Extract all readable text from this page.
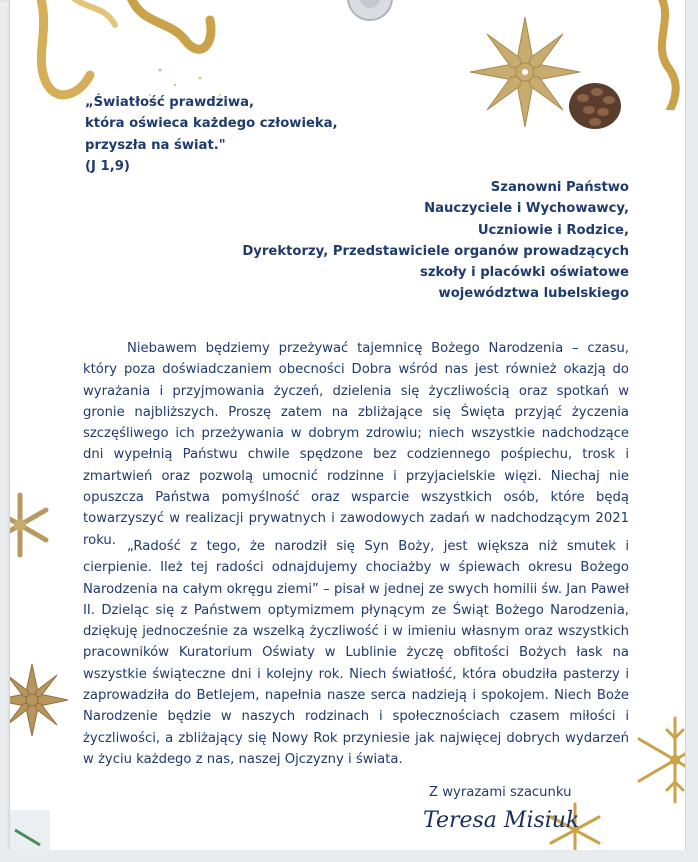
„Światłość prawdziwa,
która oświeca każdego człowieka,
przyszła na świat."
(J 1,9)
Szanowni Państwo
Nauczyciele i Wychowawcy,
Uczniowie i Rodzice,
Dyrektorzy, Przedstawiciele organów prowadzących
szkoły i placówki oświatowe
województwa lubelskiego

Niebawem będziemy przeżywać tajemnicę Bożego Narodzenia – czasu, który poza doświadczaniem obecności Dobra wśród nas jest również okazją do wyrażania i przyjmowania życzeń, dzielenia się życzliwością oraz spotkań w gronie najbliższych. Proszę zatem na zbliżające się Święta przyjąć życzenia szczęśliwego ich przeżywania w dobrym zdrowiu; niech wszystkie nadchodzące dni wypełnią Państwu chwile spędzone bez codziennego pośpiechu, trosk i zmartwień oraz pozwolą umocnić rodzinne i przyjacielskie więzi. Niechaj nie opuszcza Państwa pomyślność oraz wsparcie wszystkich osób, które będą towarzyszyć w realizacji prywatnych i zawodowych zadań w nadchodzącym 2021 roku. „Radość z tego, że narodził się Syn Boży, jest większa niż smutek i cierpienie. Ileż tej radości odnajdujemy chociażby w śpiewach okresu Bożego Narodzenia na całym okręgu ziemi” – pisał w jednej ze swych homilii św. Jan Paweł II. Dzieląc się z Państwem optymizmem płynącym ze Świąt Bożego Narodzenia, dziękuję jednocześnie za wszelką życzliwość i w imieniu własnym oraz wszystkich pracowników Kuratorium Oświaty w Lublinie życzę obfitości Bożych łask na wszystkie świąteczne dni i kolejny rok. Niech światłość, która obudziła pasterzy i zaprowadziła do Betlejem, napełnia nasze serca nadzieją i spokojem. Niech Boże Narodzenie będzie w naszych rodzinach i społecznościach czasem miłości i życzliwości, a zbliżający się Nowy Rok przyniesie jak najwięcej dobrych wydarzeń w życiu każdego z nas, naszej Ojczyzny i świata.

Z wyrazami szacunku
Teresa Misiuk
